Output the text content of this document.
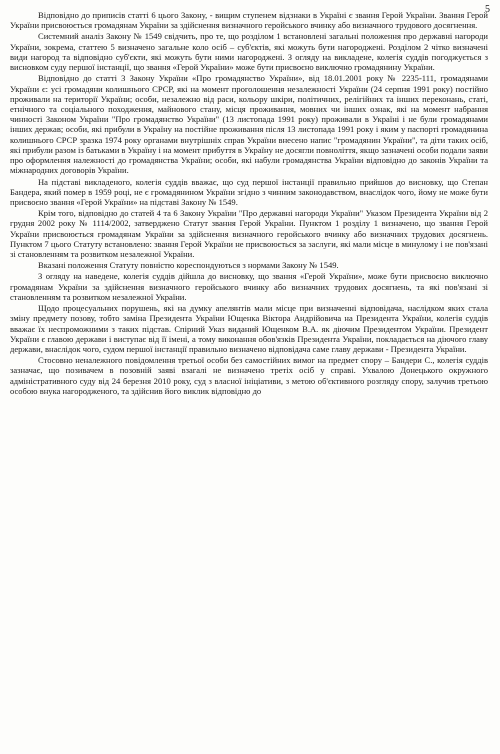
5

Відповідно до приписів статті 6 цього Закону, - вищим ступенем відзнаки в Україні є звання Герой України. Звання Герой України присвоюється громадянам України за здійснення визначного геройського вчинку або визначного трудового досягнення.

Системний аналіз Закону № 1549 свідчить, про те, що розділом 1 встановлені загальні положення про державні нагороди України, зокрема, статтею 5 визначено загальне коло осіб – суб'єктів, які можуть бути нагороджені. Розділом 2 чітко визначені види нагород та відповідно суб'єкти, які можуть бути ними нагороджені. З огляду на викладене, колегія суддів погоджується з висновком суду першої інстанції, що звання «Герой України» може бути присвоєно виключно громадянину України.

Відповідно до статті 3 Закону України «Про громадянство України», від 18.01.2001 року № 2235-111, громадянами України є: усі громадяни колишнього СРСР, які на момент проголошення незалежності України (24 серпня 1991 року) постійно проживали на території України; особи, незалежно від раси, кольору шкіри, політичних, релігійних та інших переконань, статі, етнічного та соціального походження, майнового стану, місця проживання, мовних чи інших ознак, які на момент набрання чинності Законом України "Про громадянство України" (13 листопада 1991 року) проживали в Україні і не були громадянами інших держав; особи, які прибули в Україну на постійне проживання після 13 листопада 1991 року і яким у паспорті громадянина колишнього СРСР зразка 1974 року органами внутрішніх справ України внесено напис "громадянин України", та діти таких осіб, які прибули разом із батьками в Україну і на момент прибуття в Україну не досягли повноліття, якщо зазначені особи подали заяви про оформлення належності до громадянства України; особи, які набули громадянства України відповідно до законів України та міжнародних договорів України.

На підставі викладеного, колегія суддів вважає, що суд першої інстанції правильно прийшов до висновку, що Степан Бандера, який помер в 1959 році, не є громадянином України згідно з чинним законодавством, внаслідок чого, йому не може бути присвоєно звання «Герой України» на підставі Закону № 1549.

Крім того, відповідно до статей 4 та 6 Закону України "Про державні нагороди України" Указом Президента України від 2 грудня 2002 року № 1114/2002, затверджено Статут звання Герой України. Пунктом 1 розділу 1 визначено, що звання Герой України присвоюється громадянам України за здійснення визначного геройського вчинку або визначних трудових досягнень. Пунктом 7 цього Статуту встановлено: звання Герой України не присвоюється за заслуги, які мали місце в минулому і не пов'язані зі становленням та розвитком незалежної України.

Вказані положення Статуту повністю кореспондуються з нормами Закону № 1549.

З огляду на наведене, колегія суддів дійшла до висновку, що звання «Герой України», може бути присвоєно виключно громадянам України за здійснення визначного геройського вчинку або визначних трудових досягнень, та які пов'язані зі становленням та розвитком незалежної України.

Щодо процесуальних порушень, які на думку апелянтів мали місце при визначенні відповідача, наслідком яких стала зміну предмету позову, тобто заміна Президента України Ющенка Віктора Андрійовича на Президента України, колегія суддів вважає їх неспроможними з таких підстав. Спірний Указ виданий Ющенком В.А. як діючим Президентом України. Президент України є главою держави і виступає від її імені, а тому виконання обов'язків Президента України, покладається на діючого главу держави, внаслідок чого, судом першої інстанції правильно визначено відповідача саме главу держави - Президента України.

Стосовно неналежного повідомлення третьої особи без самостійних вимог на предмет спору – Бандери С., колегія суддів зазначає, що позивачем в позовній заяві взагалі не визначено третіх осіб у справі. Ухвалою Донецького окружного адміністративного суду від 24 березня 2010 року, суд з власної ініціативи, з метою об'єктивного розгляду спору, залучив третьою особою внука нагородженого, та здійснив його виклик відповідно до
